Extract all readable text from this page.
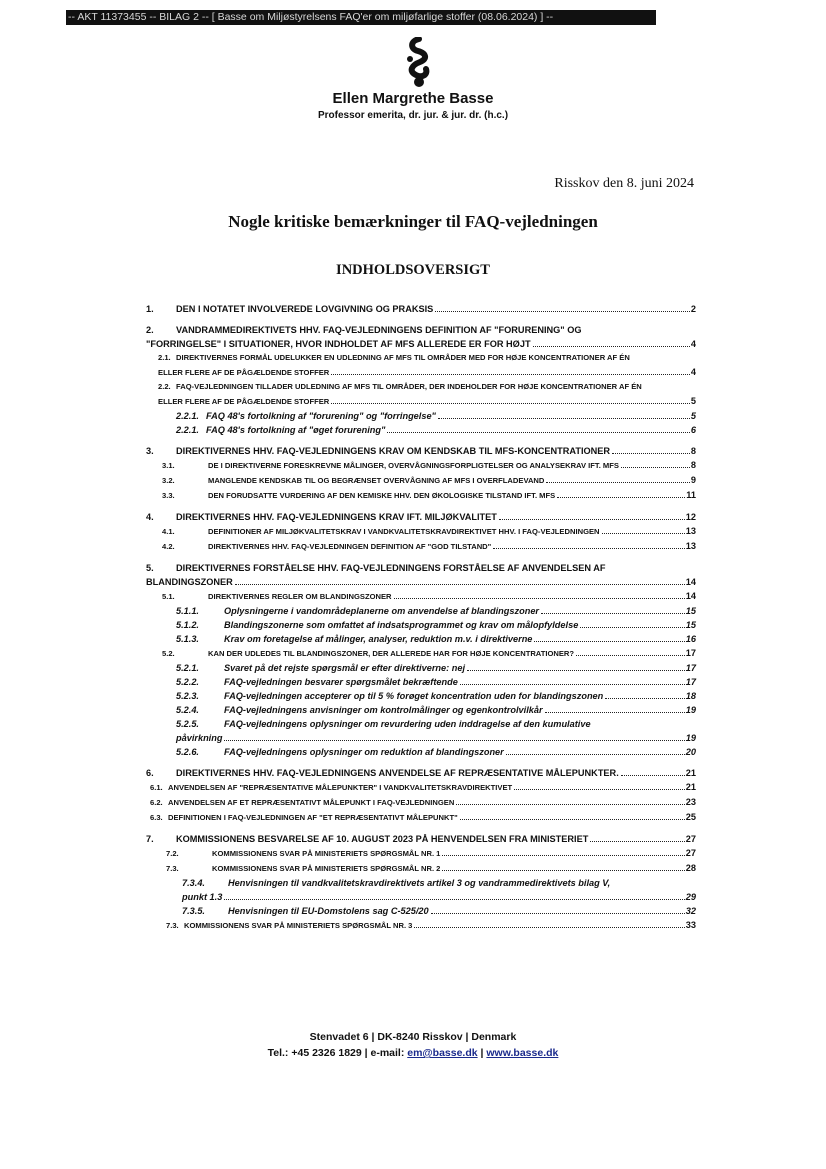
-- AKT 11373455 -- BILAG 2 -- [ Basse om Miljøstyrelsens FAQ'er om miljøfarlige stoffer (08.06.2024) ] --
Ellen Margrethe Basse
Professor emerita, dr. jur. & jur. dr. (h.c.)
Risskov den 8. juni 2024
Nogle kritiske bemærkninger til FAQ-vejledningen
INDHOLDSOVERSIGT
1.	DEN I NOTATET INVOLVEREDE LOVGIVNING OG PRAKSIS	2
2.	VANDRAMMEDIREKTIVETS HHV. FAQ-VEJLEDNINGENS DEFINITION AF "FORURENING" OG
"FORRINGELSE" I SITUATIONER, HVOR INDHOLDET AF MFS ALLEREDE ER FOR HØJT	4
2.1. DIREKTIVERNES FORMÅL UDELUKKER EN UDLEDNING AF MFS TIL OMRÅDER MED FOR HØJE KONCENTRATIONER AF ÉN
ELLER FLERE AF DE PÅGÆLDENDE STOFFER	4
2.2. FAQ-VEJLEDNINGEN TILLADER UDLEDNING AF MFS TIL OMRÅDER, DER INDEHOLDER FOR HØJE KONCENTRATIONER AF ÉN
ELLER FLERE AF DE PÅGÆLDENDE STOFFER	5
2.2.1. FAQ 48's fortolkning af "forurening" og "forringelse"	5
2.2.1. FAQ 48's fortolkning af "øget forurening"	6
3.	DIREKTIVERNES HHV. FAQ-VEJLEDNINGENS KRAV OM KENDSKAB TIL MFS-KONCENTRATIONER	8
3.1.	DE I DIREKTIVERNE FORESKREVNE MÅLINGER, OVERVÅGNINGSFORPLIGTELSER OG ANALYSEKRAV IFT. MFS	8
3.2.	MANGLENDE KENDSKAB TIL OG BEGRÆNSET OVERVÅGNING AF MFS I OVERFLADEVAND	9
3.3.	DEN FORUDSATTE VURDERING AF DEN KEMISKE HHV. DEN ØKOLOGISKE TILSTAND IFT. MFS	11
4.	DIREKTIVERNES HHV. FAQ-VEJLEDNINGENS KRAV IFT. MILJØKVALITET	12
4.1.	DEFINITIONER AF MILJØKVALITETSKRAV I VANDKVALITETSKRAVDIREKTIVET HHV. I FAQ-VEJLEDNINGEN	13
4.2.	DIREKTIVERNES HHV. FAQ-VEJLEDNINGEN DEFINITION AF "GOD TILSTAND"	13
5.	DIREKTIVERNES FORSTÅELSE HHV. FAQ-VEJLEDNINGENS FORSTÅELSE AF ANVENDELSEN AF
BLANDINGSZONER	14
5.1.	DIREKTIVERNES REGLER OM BLANDINGSZONER	14
5.1.1.	Oplysningerne i vandområdeplanerne om anvendelse af blandingszoner	15
5.1.2.	Blandingszonerne som omfattet af indsatsprogrammet og krav om målopfyldelse	15
5.1.3.	Krav om foretagelse af målinger, analyser, reduktion m.v. i direktiverne	16
5.2.	KAN DER UDLEDES TIL BLANDINGSZONER, DER ALLEREDE HAR FOR HØJE KONCENTRATIONER?	17
5.2.1.	Svaret på det rejste spørgsmål er efter direktiverne: nej	17
5.2.2.	FAQ-vejledningen besvarer spørgsmålet bekræftende	17
5.2.3.	FAQ-vejledningen accepterer op til 5 % forøget koncentration uden for blandingszonen	18
5.2.4.	FAQ-vejledningens anvisninger om kontrolmålinger og egenkontrolvilkår	19
5.2.5.	FAQ-vejledningens oplysninger om revurdering uden inddragelse af den kumulative
påvirkning	19
5.2.6.	FAQ-vejledningens oplysninger om reduktion af blandingszoner	20
6.	DIREKTIVERNES HHV. FAQ-VEJLEDNINGENS ANVENDELSE AF REPRÆSENTATIVE MÅLEPUNKTER.	21
6.1. ANVENDELSEN AF "REPRÆSENTATIVE MÅLEPUNKTER" I VANDKVALITETSKRAVDIREKTIVET	21
6.2. ANVENDELSEN AF ET REPRÆSENTATIVT MÅLEPUNKT I FAQ-VEJLEDNINGEN	23
6.3. DEFINITIONEN I FAQ-VEJLEDNINGEN AF "ET REPRÆSENTATIVT MÅLEPUNKT"	25
7.	KOMMISSIONENS BESVARELSE AF 10. AUGUST 2023 PÅ HENVENDELSEN FRA MINISTERIET	27
7.2.	KOMMISSIONENS SVAR PÅ MINISTERIETS SPØRGSMÅL NR. 1	27
7.3.	KOMMISSIONENS SVAR PÅ MINISTERIETS SPØRGSMÅL NR. 2	28
7.3.4.	Henvisningen til vandkvalitetskravdirektivets artikel 3 og vandrammedirektivets bilag V,
punkt 1.3	29
7.3.5.	Henvisningen til EU-Domstolens sag C-525/20	32
7.3. KOMMISSIONENS SVAR PÅ MINISTERIETS SPØRGSMÅL NR. 3	33
Stenvadet 6 | DK-8240 Risskov | Denmark
Tel.: +45 2326 1829 | e-mail: em@basse.dk | www.basse.dk
